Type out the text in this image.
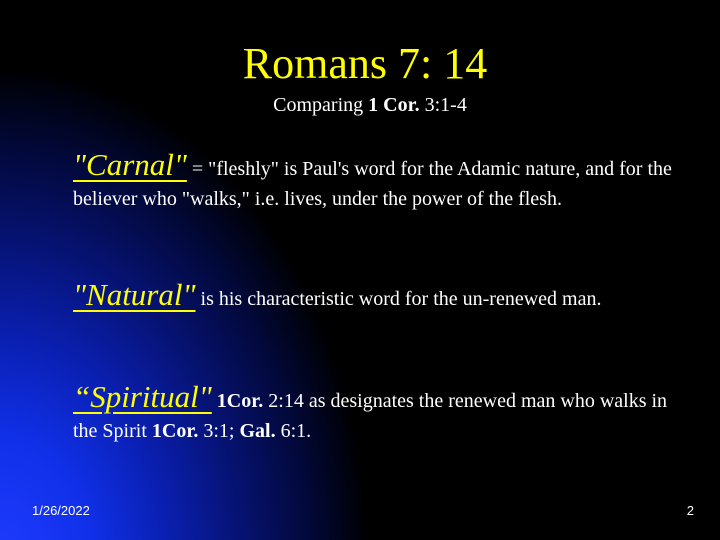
Romans 7: 14
Comparing 1 Cor. 3:1-4
"Carnal" = "fleshly" is Paul's word for the Adamic nature, and for the believer who "walks," i.e. lives, under the power of the flesh.
"Natural" is his characteristic word for the un-renewed man.
“Spiritual" 1Cor. 2:14 as designates the renewed man who walks in the Spirit 1Cor. 3:1; Gal. 6:1.
1/26/2022	2
